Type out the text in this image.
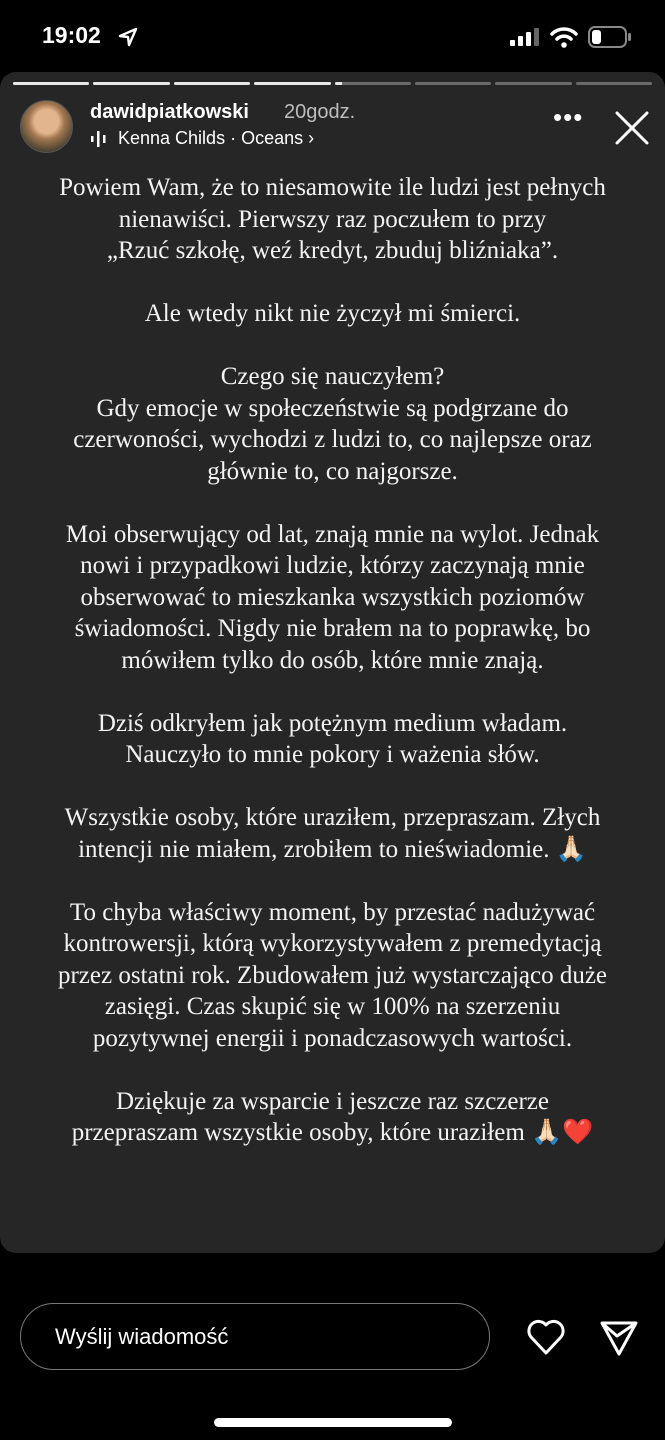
19:02
dawidpiatkowski 20godz.
Kenna Childs · Oceans ›
•••
Powiem Wam, że to niesamowite ile ludzi jest pełnych
nienawiści. Pierwszy raz poczułem to przy
„Rzuć szkołę, weź kredyt, zbuduj bliźniaka”.
Ale wtedy nikt nie życzył mi śmierci.
Czego się nauczyłem?
Gdy emocje w społeczeństwie są podgrzane do
czerwoności, wychodzi z ludzi to, co najlepsze oraz
głównie to, co najgorsze.
Moi obserwujący od lat, znają mnie na wylot. Jednak
nowi i przypadkowi ludzie, którzy zaczynają mnie
obserwować to mieszkanka wszystkich poziomów
świadomości. Nigdy nie brałem na to poprawkę, bo
mówiłem tylko do osób, które mnie znają.
Dziś odkryłem jak potężnym medium władam.
Nauczyło to mnie pokory i ważenia słów.
Wszystkie osoby, które uraziłem, przepraszam. Złych
intencji nie miałem, zrobiłem to nieświadomie. 🙏🏻
To chyba właściwy moment, by przestać nadużywać
kontrowersji, którą wykorzystywałem z premedytacją
przez ostatni rok. Zbudowałem już wystarczająco duże
zasięgi. Czas skupić się w 100% na szerzeniu
pozytywnej energii i ponadczasowych wartości.
Dziękuje za wsparcie i jeszcze raz szczerze
przepraszam wszystkie osoby, które uraziłem 🙏🏻❤️
Wyślij wiadomość
